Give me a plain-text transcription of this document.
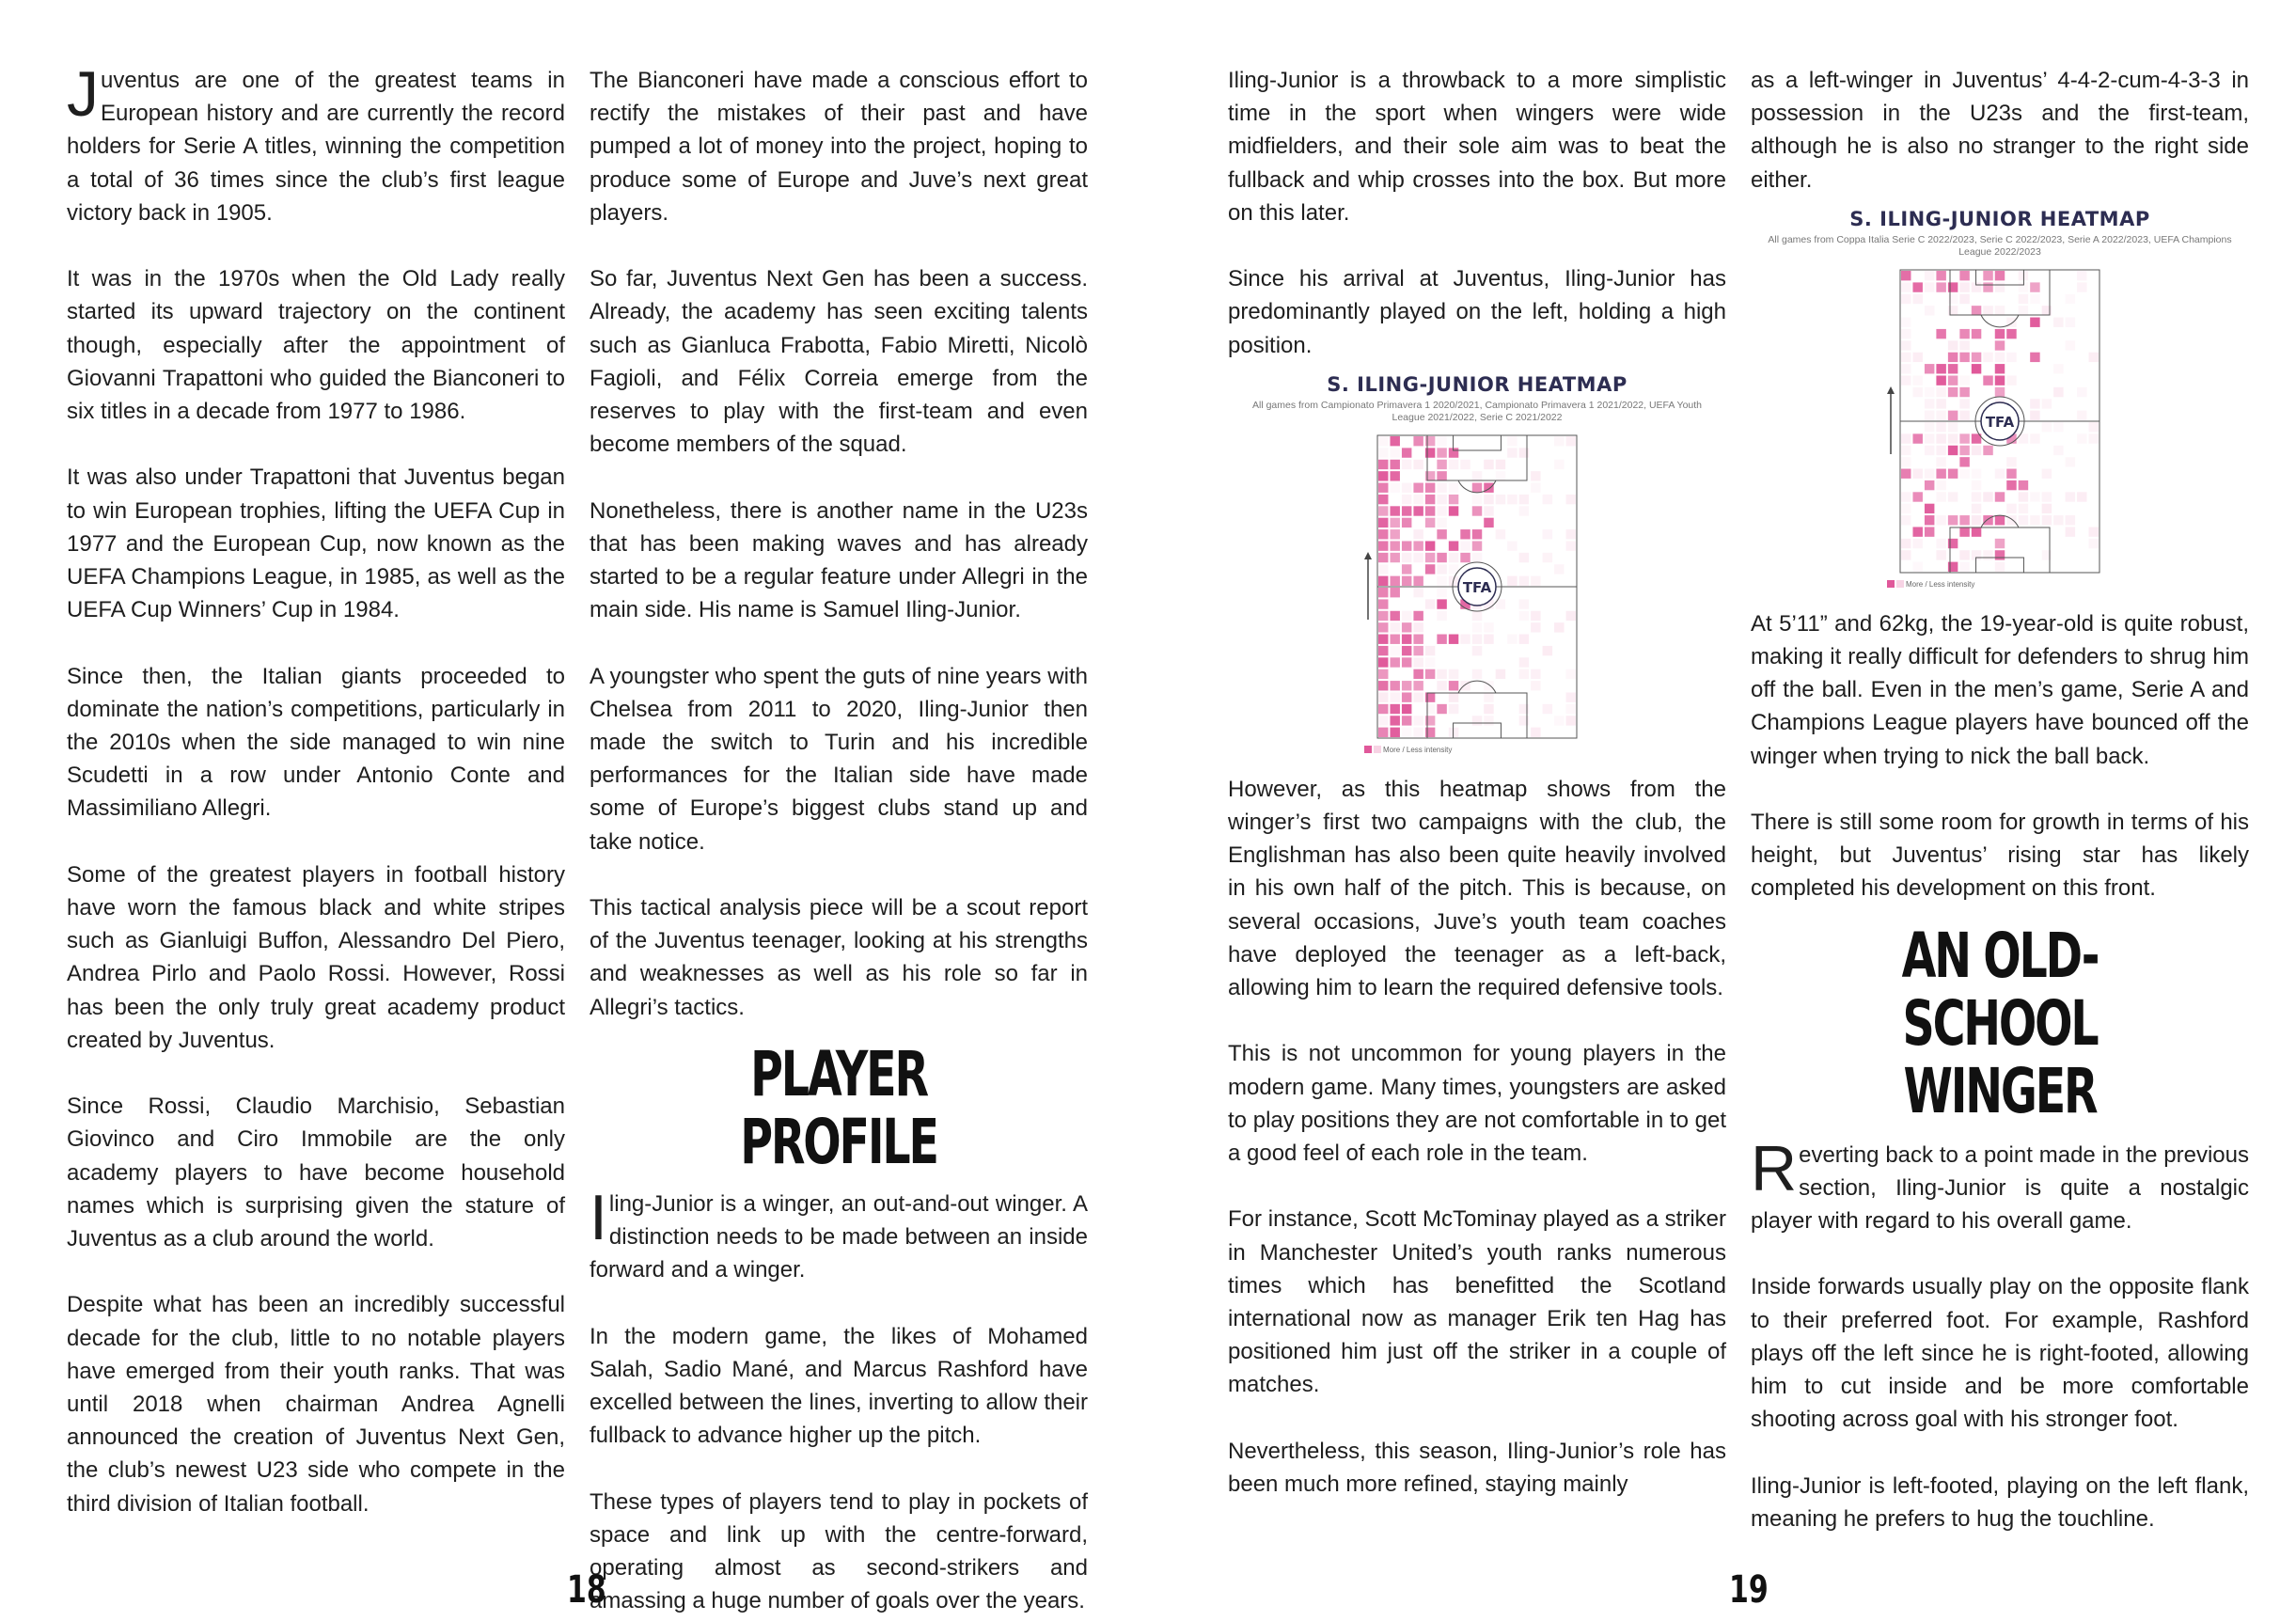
Juventus are one of the greatest teams in European history and are currently the record holders for Serie A titles, winning the competition a total of 36 times since the club’s first league victory back in 1905.
It was in the 1970s when the Old Lady really started its upward trajectory on the continent though, especially after the appointment of Giovanni Trapattoni who guided the Bianconeri to six titles in a decade from 1977 to 1986.
It was also under Trapattoni that Juventus began to win European trophies, lifting the UEFA Cup in 1977 and the European Cup, now known as the UEFA Champions League, in 1985, as well as the UEFA Cup Winners’ Cup in 1984.
Since then, the Italian giants proceeded to dominate the nation’s competitions, particularly in the 2010s when the side managed to win nine Scudetti in a row under Antonio Conte and Massimiliano Allegri.
Some of the greatest players in football history have worn the famous black and white stripes such as Gianluigi Buffon, Alessandro Del Piero, Andrea Pirlo and Paolo Rossi. However, Rossi has been the only truly great academy product created by Juventus.
Since Rossi, Claudio Marchisio, Sebastian Giovinco and Ciro Immobile are the only academy players to have become household names which is surprising given the stature of Juventus as a club around the world.
Despite what has been an incredibly successful decade for the club, little to no notable players have emerged from their youth ranks. That was until 2018 when chairman Andrea Agnelli announced the creation of Juventus Next Gen, the club’s newest U23 side who compete in the third division of Italian football.
The Bianconeri have made a conscious effort to rectify the mistakes of their past and have pumped a lot of money into the project, hoping to produce some of Europe and Juve’s next great players.
So far, Juventus Next Gen has been a success. Already, the academy has seen exciting talents such as Gianluca Frabotta, Fabio Miretti, Nicolò Fagioli, and Félix Correia emerge from the reserves to play with the first-team and even become members of the squad.
Nonetheless, there is another name in the U23s that has been making waves and has already started to be a regular feature under Allegri in the main side. His name is Samuel Iling-Junior.
A youngster who spent the guts of nine years with Chelsea from 2011 to 2020, Iling-Junior then made the switch to Turin and his incredible performances for the Italian side have made some of Europe’s biggest clubs stand up and take notice.
This tactical analysis piece will be a scout report of the Juventus teenager, looking at his strengths and weaknesses as well as his role so far in Allegri’s tactics.
PLAYER PROFILE
Iling-Junior is a winger, an out-and-out winger. A distinction needs to be made between an inside forward and a winger.
In the modern game, the likes of Mohamed Salah, Sadio Mané, and Marcus Rashford have excelled between the lines, inverting to allow their fullback to advance higher up the pitch.
These types of players tend to play in pockets of space and link up with the centre-forward, operating almost as second-strikers and amassing a huge number of goals over the years.
18
Iling-Junior is a throwback to a more simplistic time in the sport when wingers were wide midfielders, and their sole aim was to beat the fullback and whip crosses into the box. But more on this later.
Since his arrival at Juventus, Iling-Junior has predominantly played on the left, holding a high position.
S. ILING-JUNIOR HEATMAP
All games from Campionato Primavera 1 2020/2021, Campionato Primavera 1 2021/2022, UEFA Youth League 2021/2022, Serie C 2021/2022
TFA
More / Less intensity
However, as this heatmap shows from the winger’s first two campaigns with the club, the Englishman has also been quite heavily involved in his own half of the pitch. This is because, on several occasions, Juve’s youth team coaches have deployed the teenager as a left-back, allowing him to learn the required defensive tools.
This is not uncommon for young players in the modern game. Many times, youngsters are asked to play positions they are not comfortable in to get a good feel of each role in the team.
For instance, Scott McTominay played as a striker in Manchester United’s youth ranks numerous times which has benefitted the Scotland international now as manager Erik ten Hag has positioned him just off the striker in a couple of matches.
Nevertheless, this season, Iling-Junior’s role has been much more refined, staying mainly
as a left-winger in Juventus’ 4-4-2-cum-4-3-3 in possession in the U23s and the first-team, although he is also no stranger to the right side either.
S. ILING-JUNIOR HEATMAP
All games from Coppa Italia Serie C 2022/2023, Serie C 2022/2023, Serie A 2022/2023, UEFA Champions League 2022/2023
TFA
More / Less intensity
At 5’11” and 62kg, the 19-year-old is quite robust, making it really difficult for defenders to shrug him off the ball. Even in the men’s game, Serie A and Champions League players have bounced off the winger when trying to nick the ball back.
There is still some room for growth in terms of his height, but Juventus’ rising star has likely completed his development on this front.
AN OLD-SCHOOL
WINGER
Reverting back to a point made in the previous section, Iling-Junior is quite a nostalgic player with regard to his overall game.
Inside forwards usually play on the opposite flank to their preferred foot. For example, Rashford plays off the left since he is right-footed, allowing him to cut inside and be more comfortable shooting across goal with his stronger foot.
Iling-Junior is left-footed, playing on the left flank, meaning he prefers to hug the touchline.
19
